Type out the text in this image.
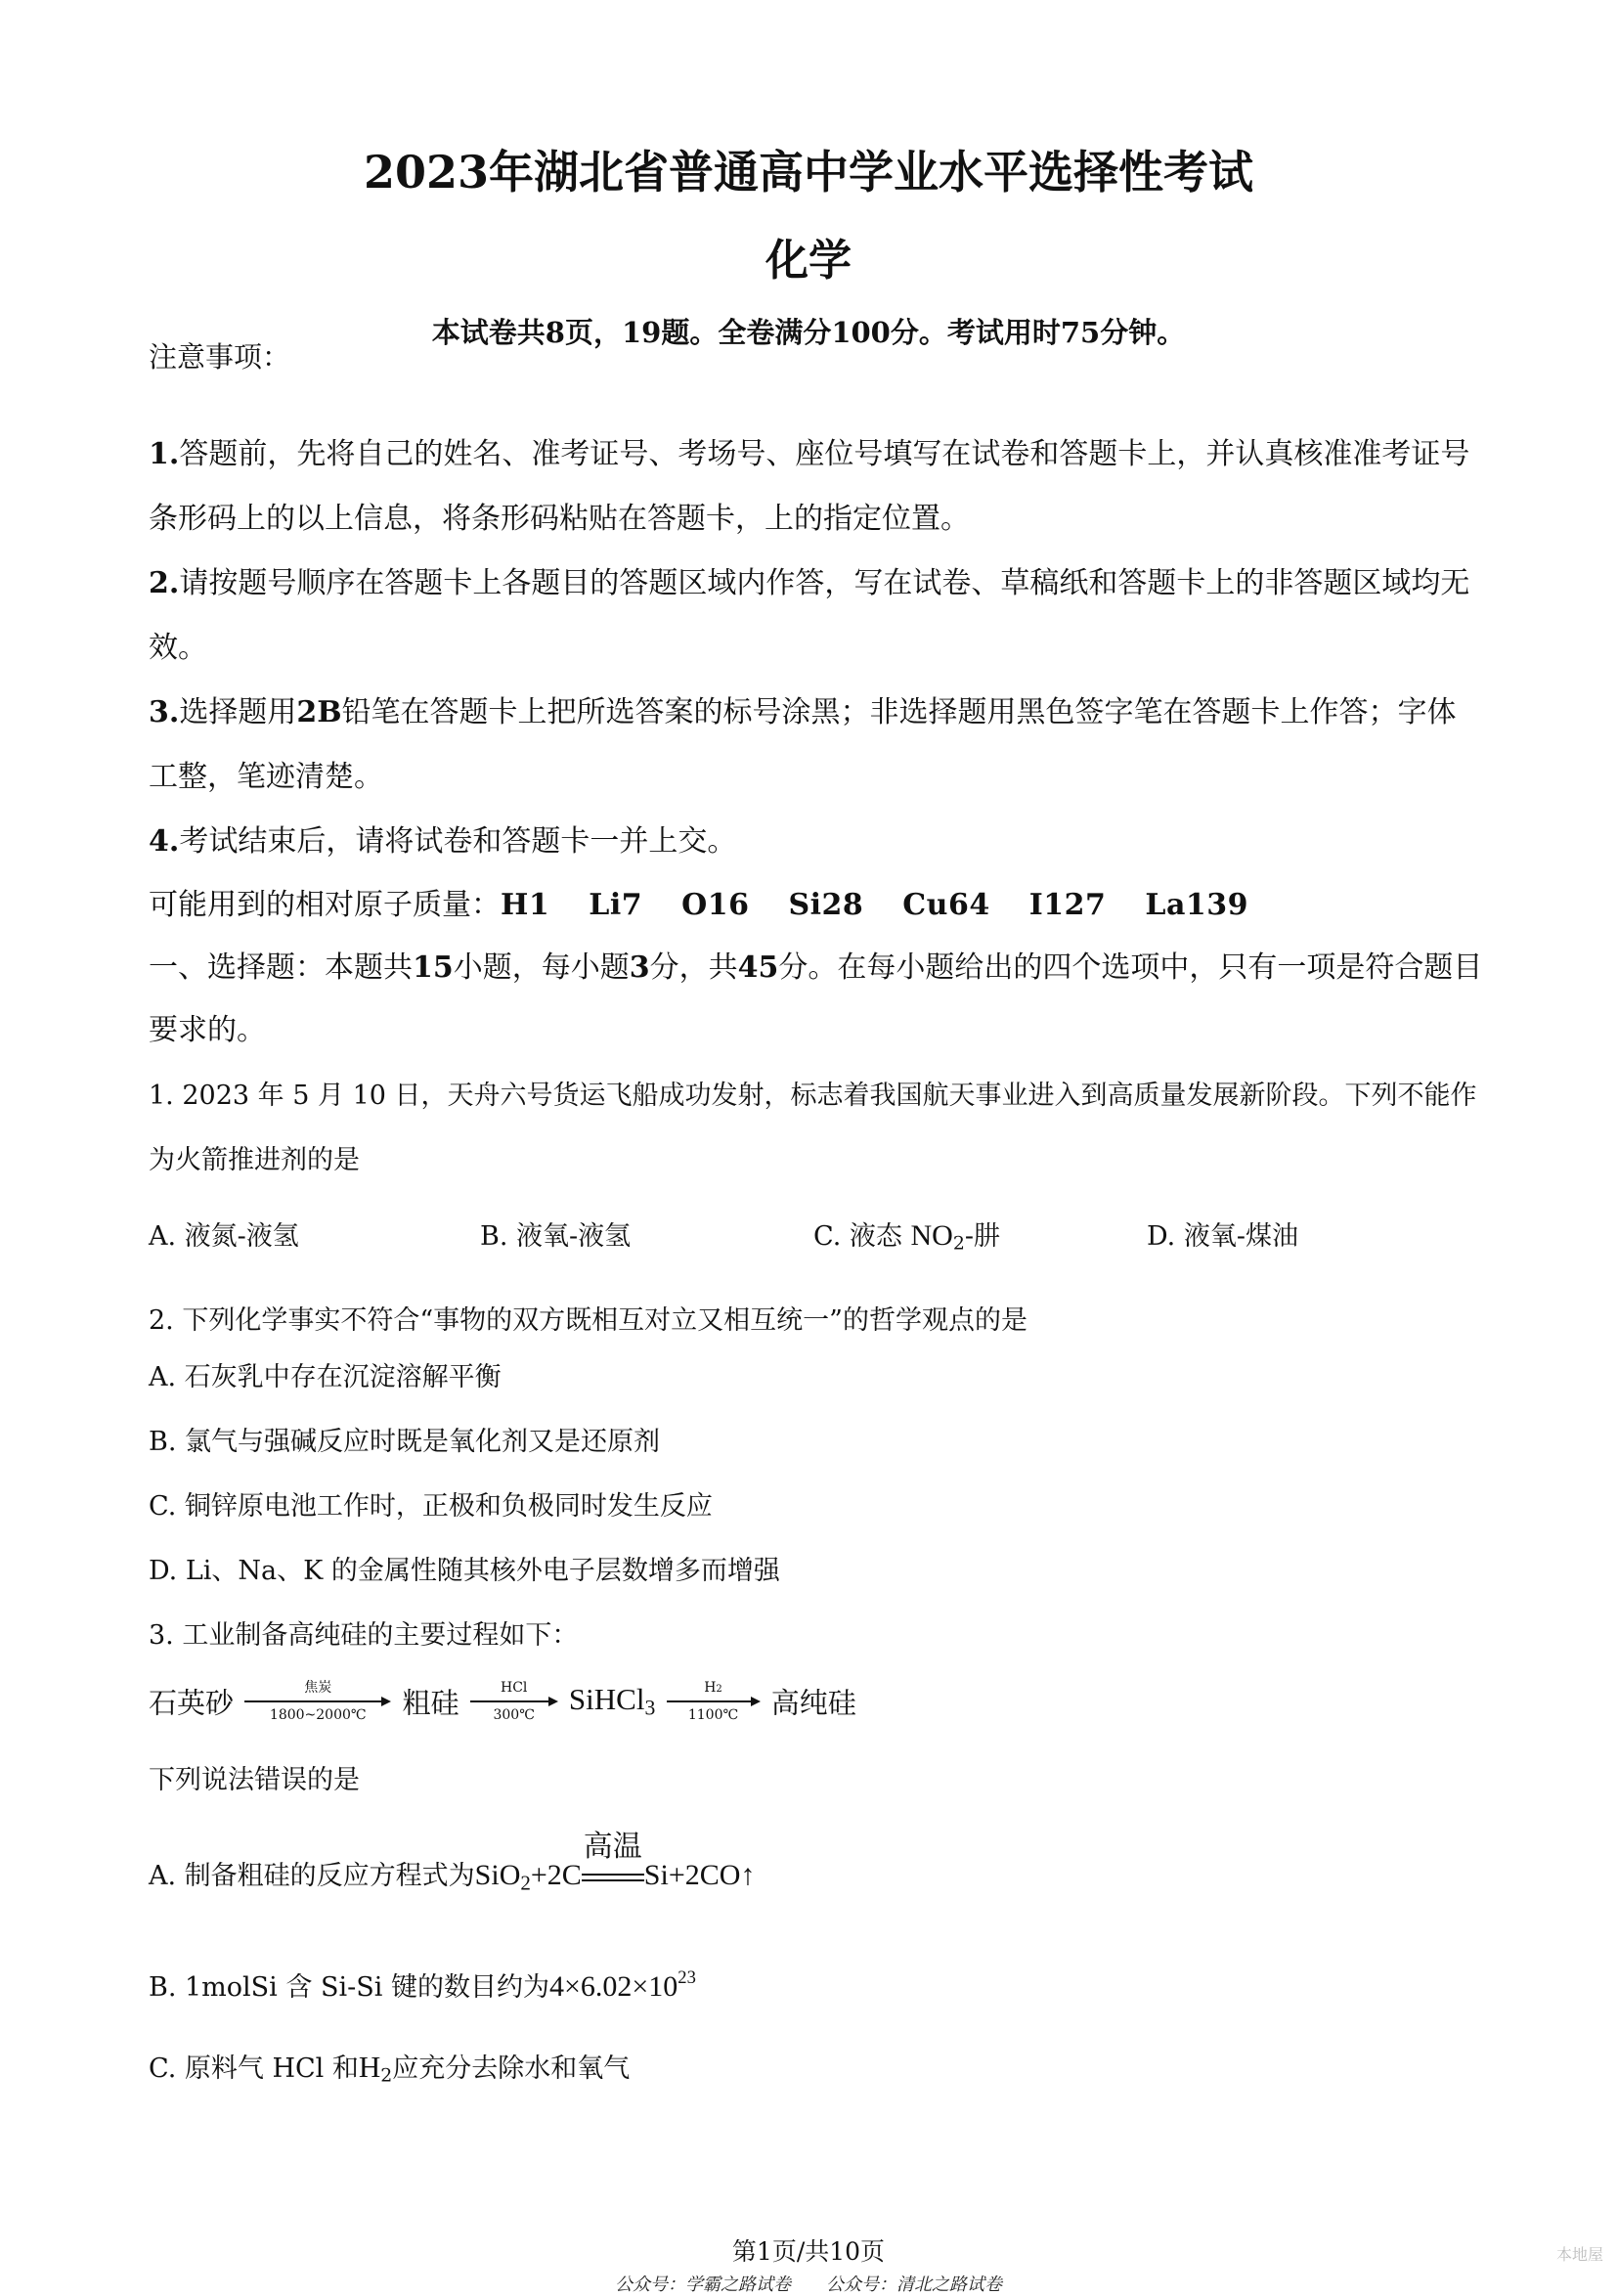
2023年湖北省普通高中学业水平选择性考试
化学
本试卷共8页，19题。全卷满分100分。考试用时75分钟。
注意事项：
1.答题前，先将自己的姓名、准考证号、考场号、座位号填写在试卷和答题卡上，并认真核准准考证号条形码上的以上信息，将条形码粘贴在答题卡，上的指定位置。
2.请按题号顺序在答题卡上各题目的答题区域内作答，写在试卷、草稿纸和答题卡上的非答题区域均无效。
3.选择题用2B铅笔在答题卡上把所选答案的标号涂黑；非选择题用黑色签字笔在答题卡上作答；字体工整，笔迹清楚。
4.考试结束后，请将试卷和答题卡一并上交。
可能用到的相对原子质量：H1 Li7 O16 Si28 Cu64 I127 La139
一、选择题：本题共15小题，每小题3分，共45分。在每小题给出的四个选项中，只有一项是符合题目要求的。
1. 2023 年 5 月 10 日，天舟六号货运飞船成功发射，标志着我国航天事业进入到高质量发展新阶段。下列不能作为火箭推进剂的是
A. 液氮-液氢	B. 液氧-液氢	C. 液态 $NO_2-$肼	D. 液氧-煤油
2. 下列化学事实不符合“事物的双方既相互对立又相互统一”的哲学观点的是
A. 石灰乳中存在沉淀溶解平衡
B. 氯气与强碱反应时既是氧化剂又是还原剂
C. 铜锌原电池工作时，正极和负极同时发生反应
D. Li、Na、K 的金属性随其核外电子层数增多而增强
3. 工业制备高纯硅的主要过程如下：
石英砂	焦炭
1800~2000℃	粗硅	HCl
300℃	SiHCl$_3$
H2
1100℃	高纯硅
下列说法错误的是
A. 制备粗硅的反应方程式为SiO$_2$+2C
高温
Si+2CO↑
B. 1molSi 含 Si-Si 键的数目约为$4\times 6.02\times 10^{23}$
C. 原料气 HCl 和$H_2$应充分去除水和氧气
第1页/共10页
公众号：学霸之路试卷　　公众号：清北之路试卷
本地屋
